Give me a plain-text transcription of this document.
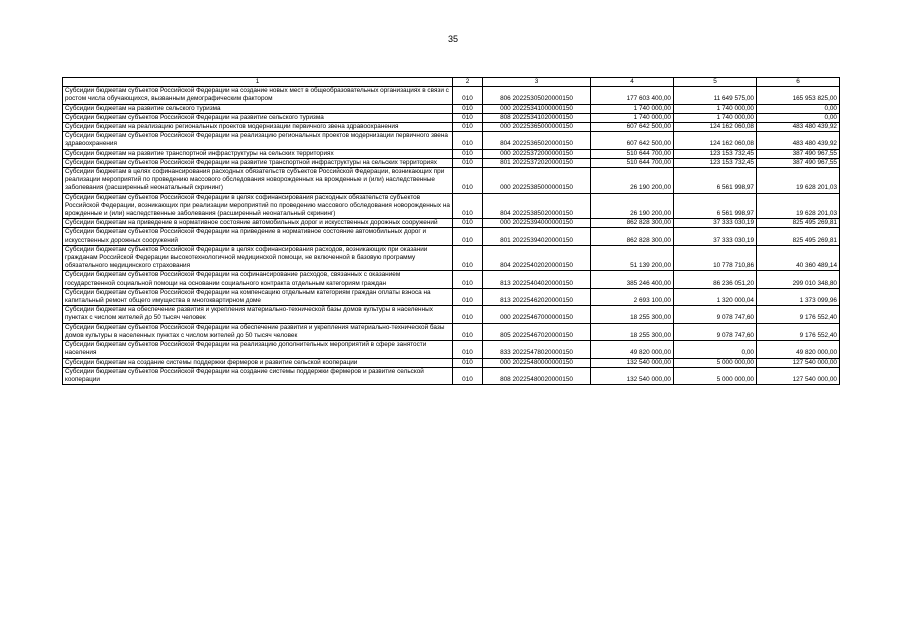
35
1	2	3	4	5	6
Субсидии бюджетам субъектов Российской Федерации на создание новых мест в общеобразовательных организациях в связи с ростом числа обучающихся, вызванным демографическим фактором	010	806 20225305020000150	177 603 400,00	11 649 575,00	165 953 825,00
Субсидии бюджетам на развитие сельского туризма	010	000 20225341000000150	1 740 000,00	1 740 000,00	0,00
Субсидии бюджетам субъектов Российской Федерации на развитие сельского туризма	010	808 20225341020000150	1 740 000,00	1 740 000,00	0,00
Субсидии бюджетам на реализацию региональных проектов модернизации первичного звена здравоохранения	010	000 20225365000000150	607 642 500,00	124 162 060,08	483 480 439,92
Субсидии бюджетам субъектов Российской Федерации на реализацию региональных проектов модернизации первичного звена здравоохранения	010	804 20225365020000150	607 642 500,00	124 162 060,08	483 480 439,92
Субсидии бюджетам на развитие транспортной инфраструктуры на сельских территориях	010	000 20225372000000150	510 644 700,00	123 153 732,45	387 490 967,55
Субсидии бюджетам субъектов Российской Федерации на развитие транспортной инфраструктуры на сельских территориях	010	801 20225372020000150	510 644 700,00	123 153 732,45	387 490 967,55
Субсидии бюджетам в целях софинансирования расходных обязательств субъектов Российской Федерации, возникающих при реализации мероприятий по проведению массового обследования новорожденных на врожденные и (или) наследственные заболевания (расширенный неонатальный скрининг)	010	000 20225385000000150	26 190 200,00	6 561 998,97	19 628 201,03
Субсидии бюджетам субъектов Российской Федерации в целях софинансирования расходных обязательств субъектов Российской Федерации, возникающих при реализации мероприятий по проведению массового обследования новорожденных на врожденные и (или) наследственные заболевания (расширенный неонатальный скрининг)	010	804 20225385020000150	26 190 200,00	6 561 998,97	19 628 201,03
Субсидии бюджетам на приведение в нормативное состояние автомобильных дорог и искусственных дорожных сооружений	010	000 20225394000000150	862 828 300,00	37 333 030,19	825 495 269,81
Субсидии бюджетам субъектов Российской Федерации на приведение в нормативное состояние автомобильных дорог и искусственных дорожных сооружений	010	801 20225394020000150	862 828 300,00	37 333 030,19	825 495 269,81
Субсидии бюджетам субъектов Российской Федерации в целях софинансирования расходов, возникающих при оказании гражданам Российской Федерации высокотехнологичной медицинской помощи, не включенной в базовую программу обязательного медицинского страхования	010	804 20225402020000150	51 139 200,00	10 778 710,86	40 360 489,14
Субсидии бюджетам субъектов Российской Федерации на софинансирование расходов, связанных с оказанием государственной социальной помощи на основании социального контракта отдельным категориям граждан	010	813 20225404020000150	385 246 400,00	86 236 051,20	299 010 348,80
Субсидии бюджетам субъектов Российской Федерации на компенсацию отдельным категориям граждан оплаты взноса на капитальный ремонт общего имущества в многоквартирном доме	010	813 20225462020000150	2 693 100,00	1 320 000,04	1 373 099,96
Субсидии бюджетам на обеспечение развития и укрепления материально-технической базы домов культуры в населенных пунктах с числом жителей до 50 тысяч человек	010	000 20225467000000150	18 255 300,00	9 078 747,60	9 176 552,40
Субсидии бюджетам субъектов Российской Федерации на обеспечение развития и укрепления материально-технической базы домов культуры в населенных пунктах с числом жителей до 50 тысяч человек	010	805 20225467020000150	18 255 300,00	9 078 747,60	9 176 552,40
Субсидии бюджетам субъектов Российской Федерации на реализацию дополнительных мероприятий в сфере занятости населения	010	833 20225478020000150	49 820 000,00	0,00	49 820 000,00
Субсидии бюджетам на создание системы поддержки фермеров и развитие сельской кооперации	010	000 20225480000000150	132 540 000,00	5 000 000,00	127 540 000,00
Субсидии бюджетам субъектов Российской Федерации на создание системы поддержки фермеров и развитие сельской кооперации	010	808 20225480020000150	132 540 000,00	5 000 000,00	127 540 000,00
